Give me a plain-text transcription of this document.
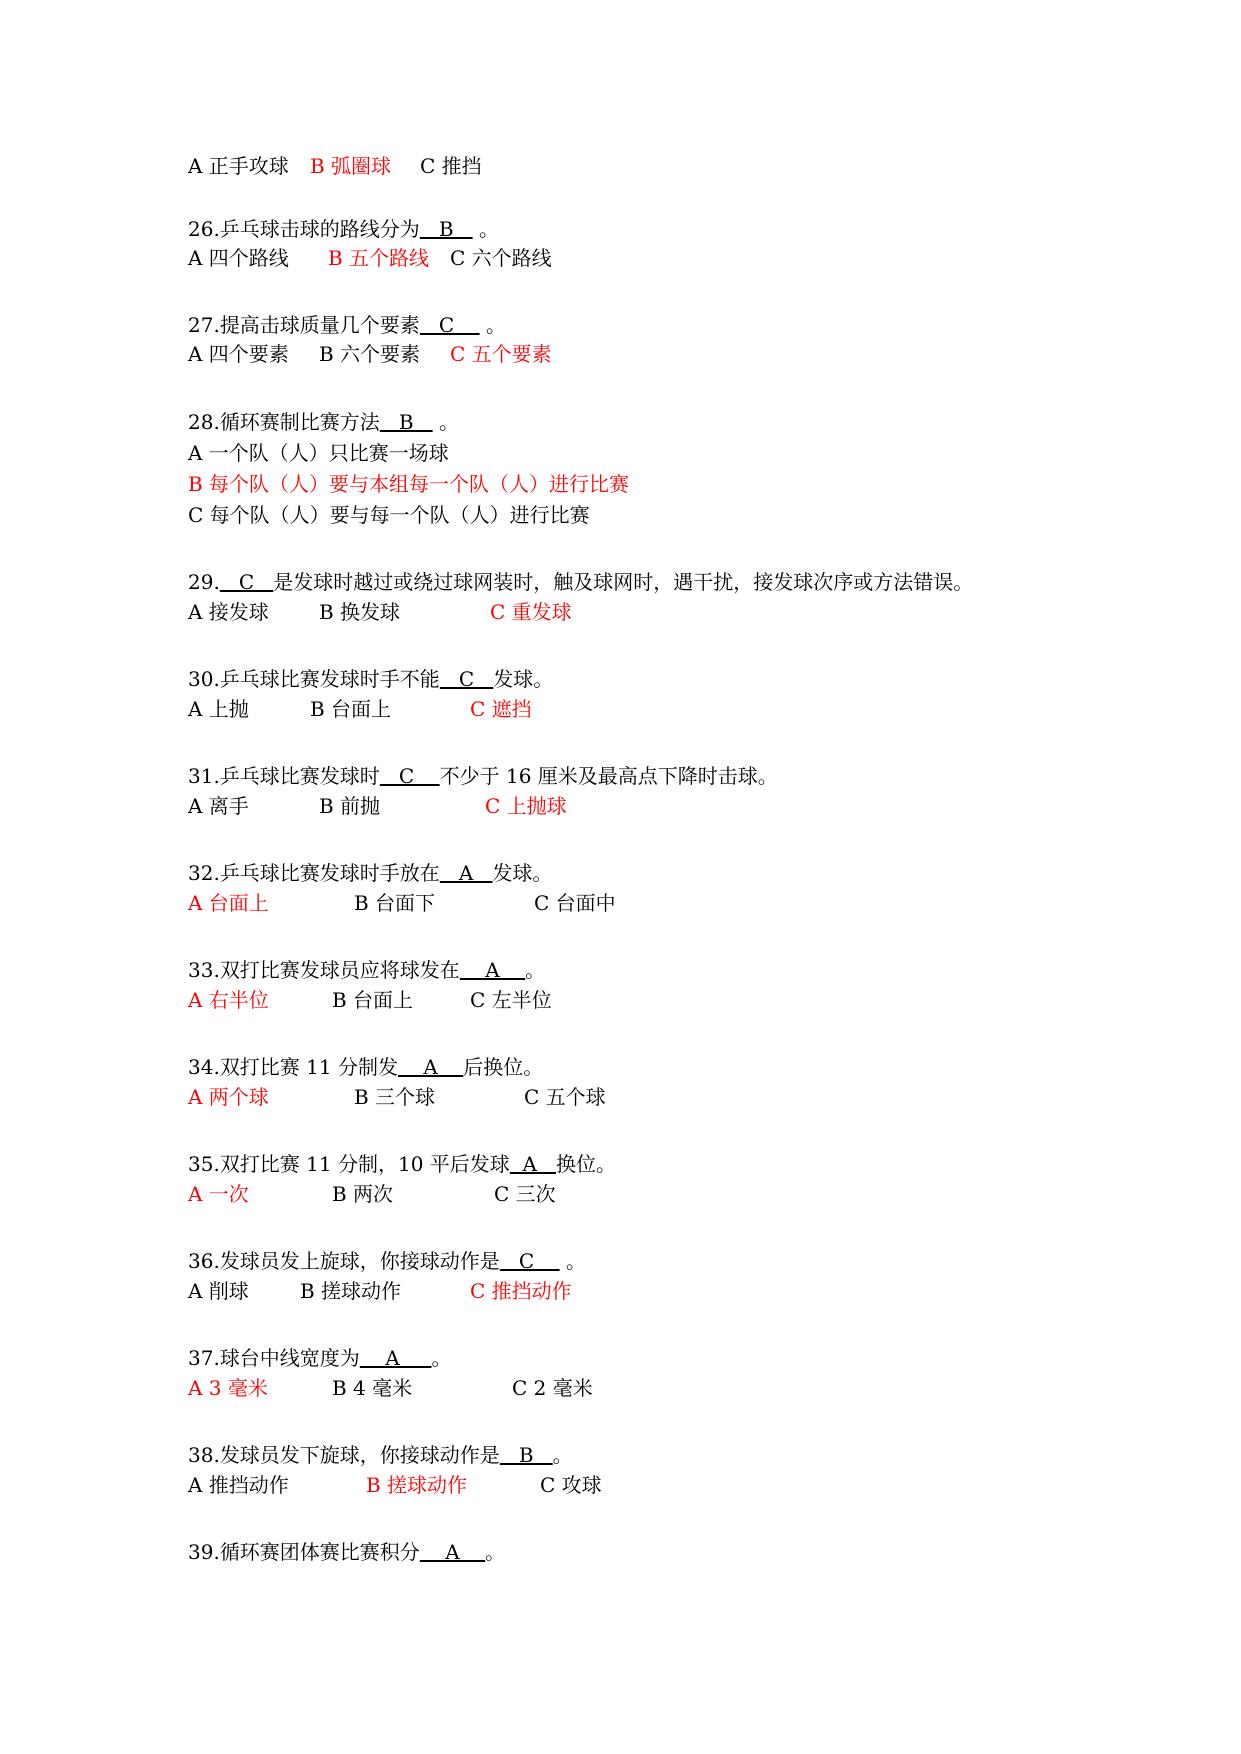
A 正手攻球

B 弧圈球

C 推挡

26.乒乓球击球的路线分为   B    。

A 四个路线

B 五个路线

C 六个路线

27.提高击球质量几个要素   C     。

A 四个要素

B 六个要素

C 五个要素

28.循环赛制比赛方法   B    。
A 一个队（人）只比赛一场球
B 每个队（人）要与本组每一个队（人）进行比赛
C 每个队（人）要与每一个队（人）进行比赛
29.   C   是发球时越过或绕过球网装时，触及球网时，遇干扰，接发球次序或方法错误。

A 接发球

	B 换发球

	C 重发球

30.乒乓球比赛发球时手不能   C   发球。

A 上抛

	B 台面上

	C 遮挡

31.乒乓球比赛发球时   C    不少于 16 厘米及最高点下降时击球。

A 离手

	B 前抛

	C 上抛球

32.乒乓球比赛发球时手放在   A   发球。

A 台面上

	B 台面下

	C 台面中

33.双打比赛发球员应将球发在    A    。

A 右半位

	B 台面上

	C 左半位

34.双打比赛 11 分制发    A    后换位。

A 两个球

	B 三个球

	C 五个球

35.双打比赛 11 分制，10 平后发球  A   换位。

A 一次

	B 两次

	C 三次

36.发球员发上旋球，你接球动作是   C     。

A 削球

	B 搓球动作

	C 推挡动作

37.球台中线宽度为    A     。

A 3 毫米

	B 4 毫米

	C 2 毫米

38.发球员发下旋球，你接球动作是   B   。

A 推挡动作

	B 搓球动作

	C 攻球

39.循环赛团体赛比赛积分    A    。
